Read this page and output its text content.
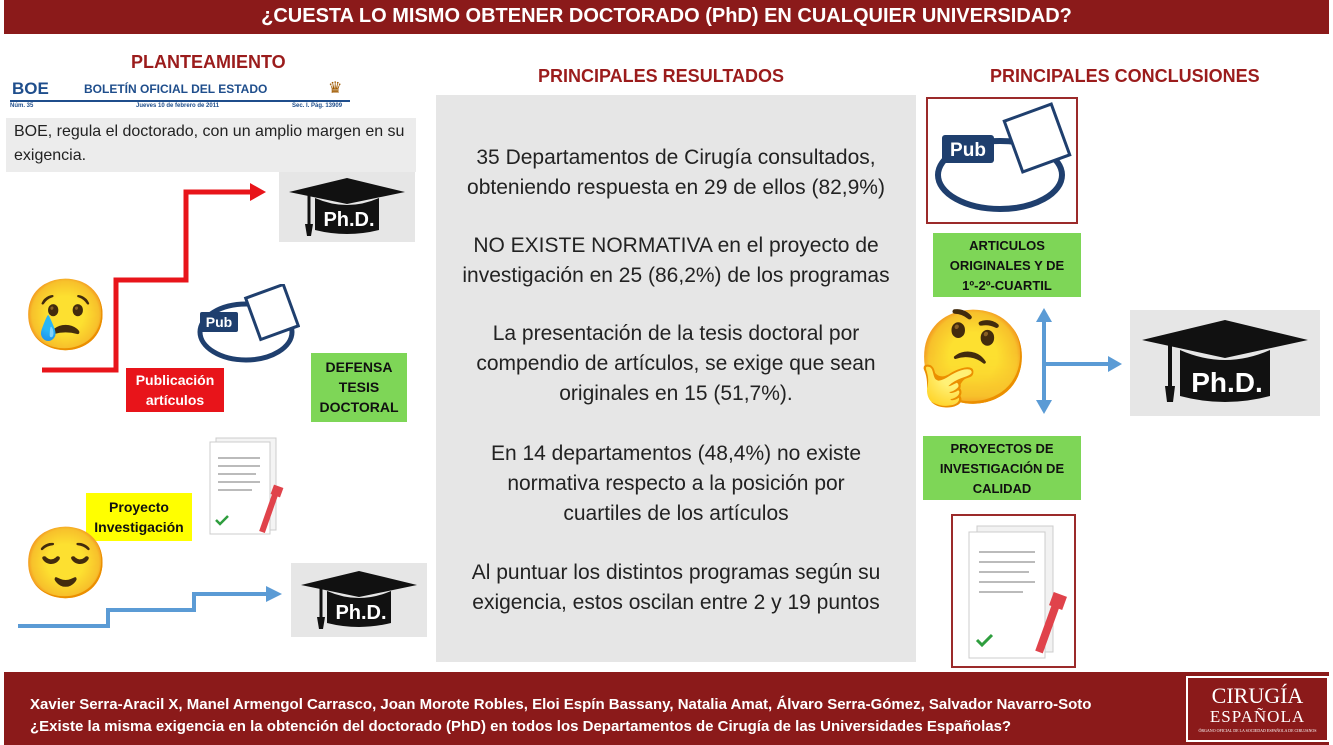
¿CUESTA LO MISMO OBTENER DOCTORADO (PhD) EN CUALQUIER UNIVERSIDAD?
PLANTEAMIENTO
BOE	BOLETÍN OFICIAL DEL ESTADO	♛
Núm. 35	Jueves 10 de febrero de 2011	Sec. I. Pág. 13909
BOE, regula el doctorado, con un amplio margen en su exigencia.
Ph.D.
😢	Pub
Publicación artículos
DEFENSA TESIS DOCTORAL
Proyecto Investigación
😌
Ph.D.
PRINCIPALES RESULTADOS
35 Departamentos de Cirugía consultados, obteniendo respuesta en 29 de ellos (82,9%)
NO EXISTE NORMATIVA en el proyecto de investigación en 25 (86,2%) de los programas
La presentación de la tesis doctoral por compendio de artículos, se exige que sean originales en 15 (51,7%).
En 14 departamentos (48,4%) no existe normativa respecto a la posición por cuartiles de los artículos
Al puntuar los distintos programas según su exigencia, estos oscilan entre 2 y 19 puntos
PRINCIPALES CONCLUSIONES
Pub
ARTICULOS ORIGINALES Y DE 1º-2º-CUARTIL
🤔	Ph.D.
PROYECTOS DE INVESTIGACIÓN DE CALIDAD
Xavier Serra-Aracil X, Manel Armengol Carrasco, Joan Morote Robles, Eloi Espín Bassany, Natalia Amat, Álvaro Serra-Gómez, Salvador Navarro-Soto
¿Existe la misma exigencia en la obtención del doctorado (PhD) en todos los Departamentos de Cirugía de las Universidades Españolas?
CIRUGÍA
ESPAÑOLA
ÓRGANO OFICIAL DE LA SOCIEDAD ESPAÑOLA DE CIRUJANOS
